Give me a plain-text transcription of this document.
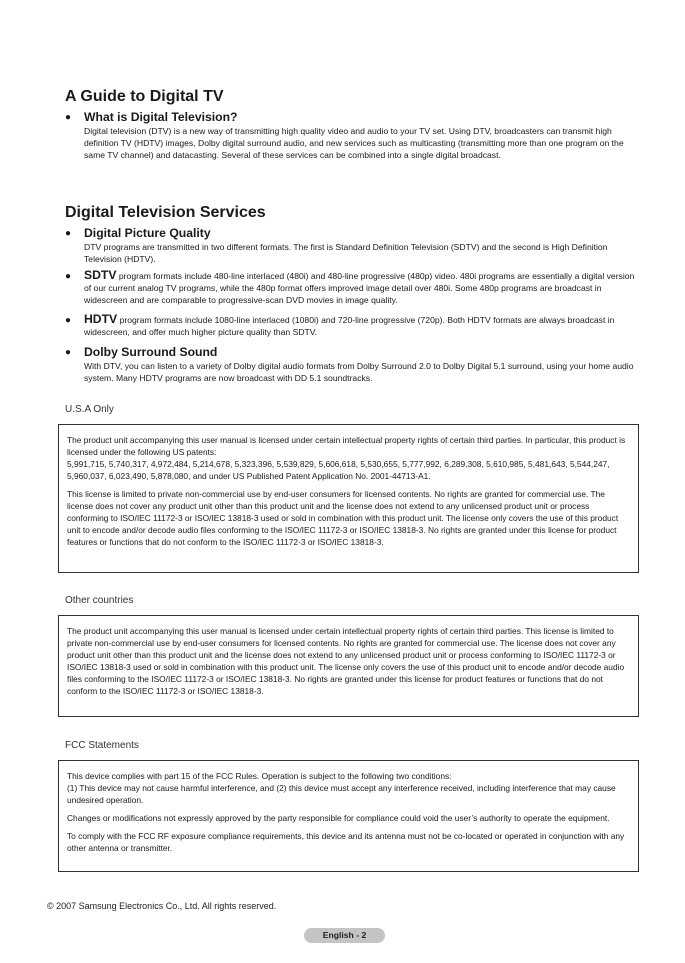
A Guide to Digital TV
● What is Digital Television?
Digital television (DTV) is a new way of transmitting high quality video and audio to your TV set. Using DTV, broadcasters can transmit high definition TV (HDTV) images, Dolby digital surround audio, and new services such as multicasting (transmitting more than one program on the same TV channel) and datacasting. Several of these services can be combined into a single digital broadcast.
Digital Television Services
● Digital Picture Quality
DTV programs are transmitted in two different formats. The first is Standard Definition Television (SDTV) and the second is High Definition Television (HDTV).
● SDTV program formats include 480-line interlaced (480i) and 480-line progressive (480p) video. 480i programs are essentially a digital version of our current analog TV programs, while the 480p format offers improved image detail over 480i. Some 480p programs are broadcast in widescreen and are comparable to progressive-scan DVD movies in image quality.
● HDTV program formats include 1080-line interlaced (1080i) and 720-line progressive (720p). Both HDTV formats are always broadcast in widescreen, and offer much higher picture quality than SDTV.
● Dolby Surround Sound
With DTV, you can listen to a variety of Dolby digital audio formats from Dolby Surround 2.0 to Dolby Digital 5.1 surround, using your home audio system. Many HDTV programs are now broadcast with DD 5.1 soundtracks.
U.S.A Only

The product unit accompanying this user manual is licensed under certain intellectual property rights of certain third parties. In particular, this product is licensed under the following US patents:

5,991,715, 5,740,317, 4,972,484, 5,214,678, 5,323,396, 5,539,829, 5,606,618, 5,530,655, 5,777,992, 6,289,308, 5,610,985, 5,481,643, 5,544,247, 5,960,037, 6,023,490, 5,878,080, and under US Published Patent Application No. 2001-44713-A1.

This license is limited to private non-commercial use by end-user consumers for licensed contents. No rights are granted for commercial use. The license does not cover any product unit other than this product unit and the license does not extend to any unlicensed product unit or process conforming to ISO/IEC 11172-3 or ISO/IEC 13818-3 used or sold in combination with this product unit. The license only covers the use of this product unit to encode and/or decode audio files conforming to the ISO/IEC 11172-3 or ISO/IEC 13818-3. No rights are granted under this license for product features or functions that do not conform to the ISO/IEC 11172-3 or ISO/IEC 13818-3.

Other countries

The product unit accompanying this user manual is licensed under certain intellectual property rights of certain third parties. This license is limited to private non-commercial use by end-user consumers for licensed contents. No rights are granted for commercial use. The license does not cover any product unit other than this product unit and the license does not extend to any unlicensed product unit or process conforming to ISO/IEC 11172-3 or ISO/IEC 13818-3 used or sold in combination with this product unit. The license only covers the use of this product unit to encode and/or decode audio files conforming to the ISO/IEC 11172-3 or ISO/IEC 13818-3. No rights are granted under this license for product features or functions that do not conform to the ISO/IEC 11172-3 or ISO/IEC 13818-3.

FCC Statements

This device complies with part 15 of the FCC Rules. Operation is subject to the following two conditions:

(1) This device may not cause harmful interference, and (2) this device must accept any interference received, including interference that may cause undesired operation.

Changes or modifications not expressly approved by the party responsible for compliance could void the user’s authority to operate the equipment.

To comply with the FCC RF exposure compliance requirements, this device and its antenna must not be co-located or operated in conjunction with any other antenna or transmitter.

© 2007 Samsung Electronics Co., Ltd. All rights reserved.
English - 2
